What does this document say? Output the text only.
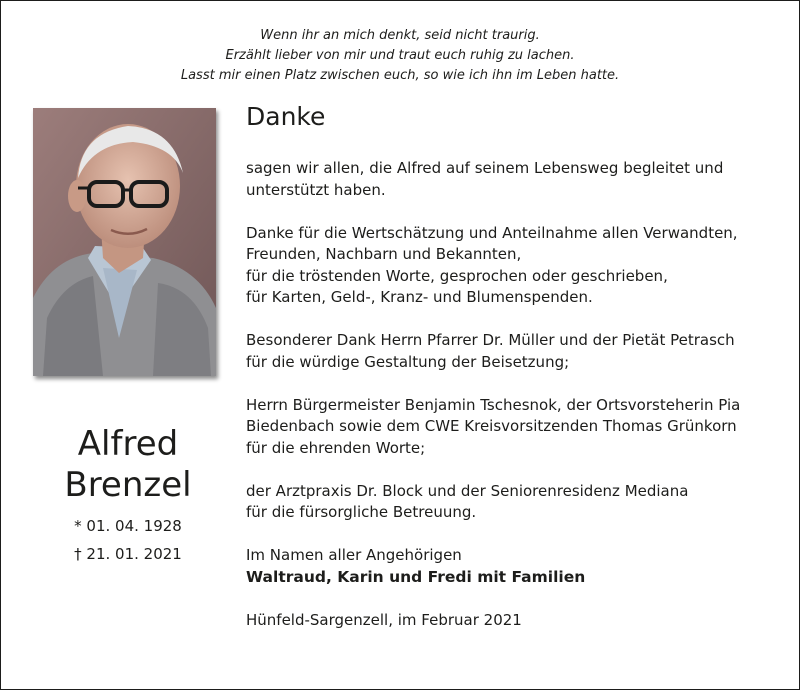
Wenn ihr an mich denkt, seid nicht traurig.
Erzählt lieber von mir und traut euch ruhig zu lachen.
Lasst mir einen Platz zwischen euch, so wie ich ihn im Leben hatte.
Alfred
Brenzel
* 01. 04. 1928
† 21. 01. 2021
Danke

sagen wir allen, die Alfred auf seinem Lebensweg begleitet und
unterstützt haben.

Danke für die Wertschätzung und Anteilnahme allen Verwandten,
Freunden, Nachbarn und Bekannten,
für die tröstenden Worte, gesprochen oder geschrieben,
für Karten, Geld-, Kranz- und Blumenspenden.

Besonderer Dank Herrn Pfarrer Dr. Müller und der Pietät Petrasch
für die würdige Gestaltung der Beisetzung;

Herrn Bürgermeister Benjamin Tschesnok, der Ortsvorsteherin Pia
Biedenbach sowie dem CWE Kreisvorsitzenden Thomas Grünkorn
für die ehrenden Worte;

der Arztpraxis Dr. Block und der Seniorenresidenz Mediana
für die fürsorgliche Betreuung.

Im Namen aller Angehörigen
Waltraud, Karin und Fredi mit Familien

Hünfeld-Sargenzell, im Februar 2021
